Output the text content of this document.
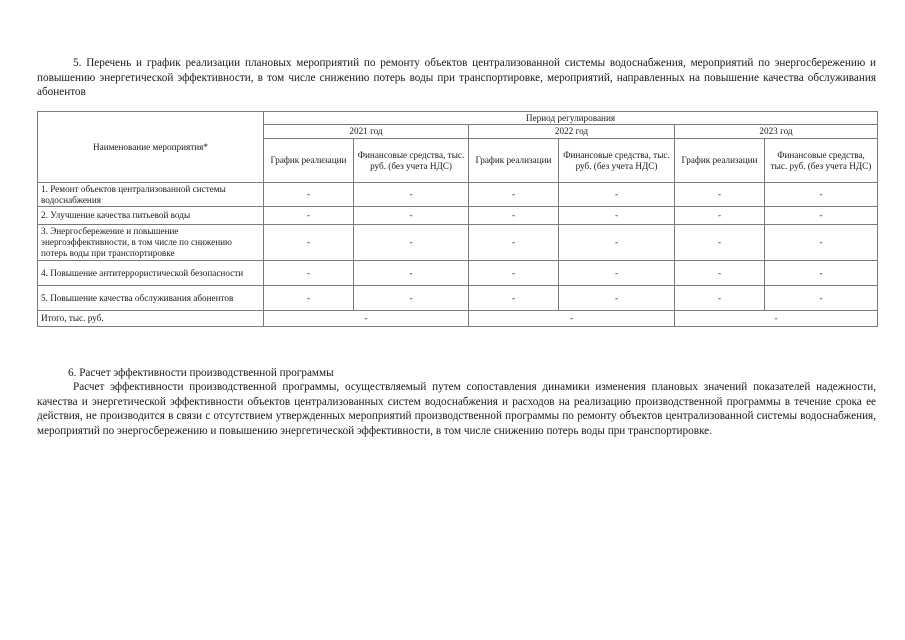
5. Перечень и график реализации плановых мероприятий по ремонту объектов централизованной системы водоснабжения, мероприятий по энергосбережению и повышению энергетической эффективности, в том числе снижению потерь воды при транспортировке, мероприятий, направленных на повышение качества обслуживания абонентов
Наименование мероприятия*	Период регулирования					
	2021 год		2022 год		2023 год	
	График реализации	Финансовые средства, тыс. руб. (без учета НДС)	График реализации	Финансовые средства, тыс. руб. (без учета НДС)	График реализации	Финансовые средства, тыс. руб. (без учета НДС)
1. Ремонт объектов централизованной системы водоснабжения	-	-	-	-	-	-
2. Улучшение качества питьевой воды	-	-	-	-	-	-
3. Энергосбережение и повышение энергоэффективности, в том числе по снижению потерь воды при транспортировке	-	-	-	-	-	-
4. Повышение антитеррористической безопасности	-	-	-	-	-	-
5. Повышение качества обслуживания абонентов	-	-	-	-	-	-
Итого, тыс. руб.	-		-		-	
6. Расчет эффективности производственной программы
Расчет эффективности производственной программы, осуществляемый путем сопоставления динамики изменения плановых значений показателей надежности, качества и энергетической эффективности объектов централизованных систем водоснабжения и расходов на реализацию производственной программы в течение срока ее действия, не производится в связи с отсутствием утвержденных мероприятий производственной программы по ремонту объектов централизованной системы водоснабжения, мероприятий по энергосбережению и повышению энергетической эффективности, в том числе снижению потерь воды при транспортировке.
